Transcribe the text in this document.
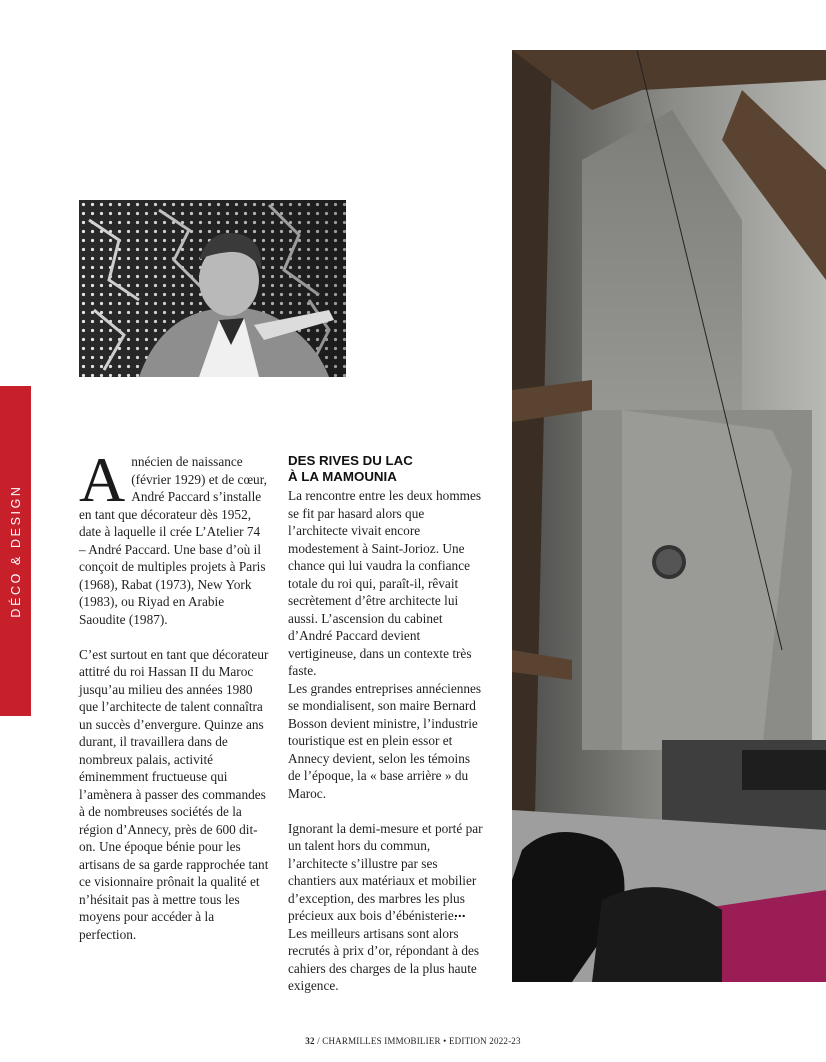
DÉCO & DESIGN

Annécien de naissance (février 1929) et de cœur, André Paccard s’installe en tant que décorateur dès 1952, date à laquelle il crée L’Atelier 74 – André Paccard. Une base d’où il conçoit de multiples projets à Paris (1968), Rabat (1973), New York (1983), ou Riyad en Arabie Saoudite (1987).

C’est surtout en tant que décorateur attitré du roi Hassan II du Maroc jusqu’au milieu des années 1980 que l’architecte de talent connaîtra un succès d’envergure. Quinze ans durant, il travaillera dans de nombreux palais, activité éminemment fructueuse qui l’amènera à passer des commandes à de nombreuses sociétés de la région d’Annecy, près de 600 dit-on. Une époque bénie pour les artisans de sa garde rapprochée tant ce visionnaire prônait la qualité et n’hésitait pas à mettre tous les moyens pour accéder à la perfection.

DES RIVES DU LAC
À LA MAMOUNIA

La rencontre entre les deux hommes se fit par hasard alors que l’architecte vivait encore modestement à Saint-Jorioz. Une chance qui lui vaudra la confiance totale du roi qui, paraît-il, rêvait secrètement d’être architecte lui aussi. L’ascension du cabinet d’André Paccard devient vertigineuse, dans un contexte très faste.

Les grandes entreprises annéciennes se mondialisent, son maire Bernard Bosson devient ministre, l’industrie touristique est en plein essor et Annecy devient, selon les témoins de l’époque, la « base arrière » du Maroc.

Ignorant la demi-mesure et porté par un talent hors du commun, l’architecte s’illustre par ses chantiers aux matériaux et mobilier d’exception, des marbres les plus précieux aux bois d’ébénisterie.

Les meilleurs artisans sont alors recrutés à prix d’or, répondant à des cahiers des charges de la plus haute exigence.

...
32 / CHARMILLES IMMOBILIER • EDITION 2022-23
